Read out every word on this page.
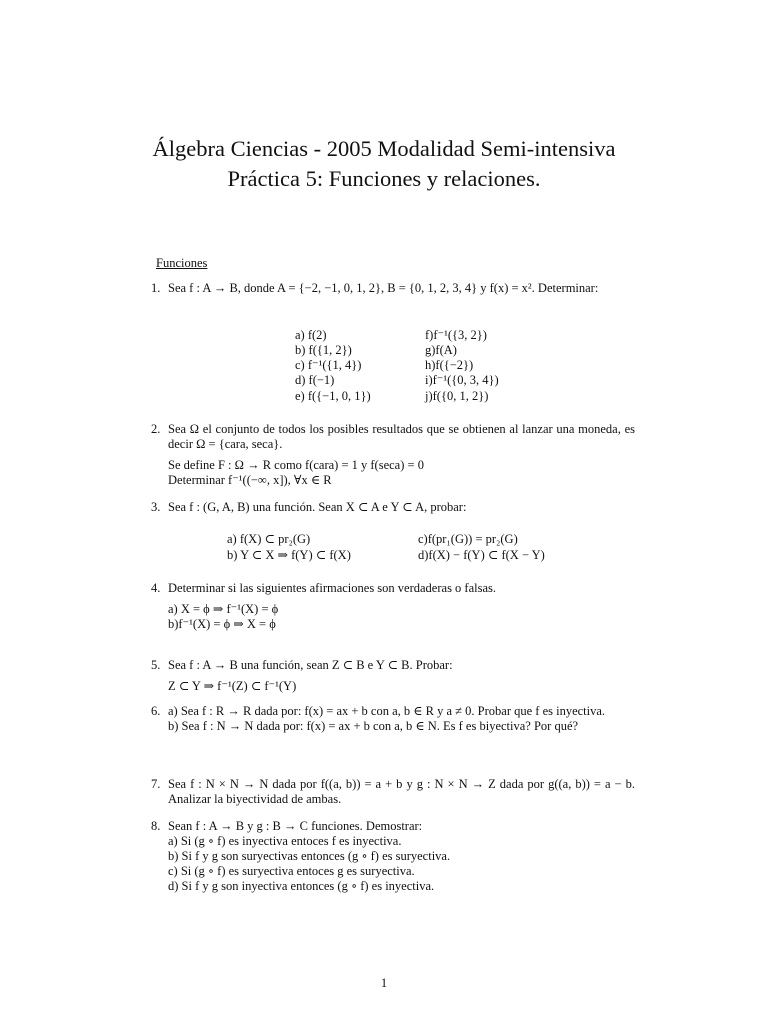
Álgebra Ciencias - 2005 Modalidad Semi-intensiva
Práctica 5: Funciones y relaciones.
Funciones
1. Sea f : A → B, donde A = {−2, −1, 0, 1, 2}, B = {0, 1, 2, 3, 4} y f(x) = x². Determinar:

a) f(2)
b) f({1, 2})
c) f⁻¹({1, 4})
d) f(−1)
e) f({−1, 0, 1})
f)f⁻¹({3, 2})
g)f(A)
h)f({−2})
i)f⁻¹({0, 3, 4})
j)f({0, 1, 2})
2. Sea Ω el conjunto de todos los posibles resultados que se obtienen al lanzar una moneda, es decir Ω = {cara, seca}.

Se define F : Ω → R como f(cara) = 1 y f(seca) = 0
Determinar f⁻¹((−∞, x]), ∀x ∈ R
3. Sea f : (G, A, B) una función. Sean X ⊂ A e Y ⊂ A, probar:

a) f(X) ⊂ pr₂(G)
b) Y ⊂ X ⇒ f(Y) ⊂ f(X)
c)f(pr₁(G)) = pr₂(G)
d)f(X) − f(Y) ⊂ f(X − Y)
4. Determinar si las siguientes afirmaciones son verdaderas o falsas.

a) X = ϕ ⇒ f⁻¹(X) = ϕ
b)f⁻¹(X) = ϕ ⇒ X = ϕ
5. Sea f : A → B una función, sean Z ⊂ B e Y ⊂ B. Probar:

Z ⊂ Y ⇒ f⁻¹(Z) ⊂ f⁻¹(Y)
6. a) Sea f : R → R dada por: f(x) = ax + b con a, b ∈ R y a ≠ 0. Probar que f es inyectiva.

b) Sea f : N → N dada por: f(x) = ax + b con a, b ∈ N. Es f es biyectiva? Por qué?

7. Sea f : N × N → N dada por f((a, b)) = a + b y g : N × N → Z dada por g((a, b)) = a − b. Analizar la biyectividad de ambas.

8. Sean f : A → B y g : B → C funciones. Demostrar:

a) Si (g ∘ f) es inyectiva entoces f es inyectiva.
b) Si f y g son suryectivas entonces (g ∘ f) es suryectiva.
c) Si (g ∘ f) es suryectiva entoces g es suryectiva.
d) Si f y g son inyectiva entonces (g ∘ f) es inyectiva.
1
